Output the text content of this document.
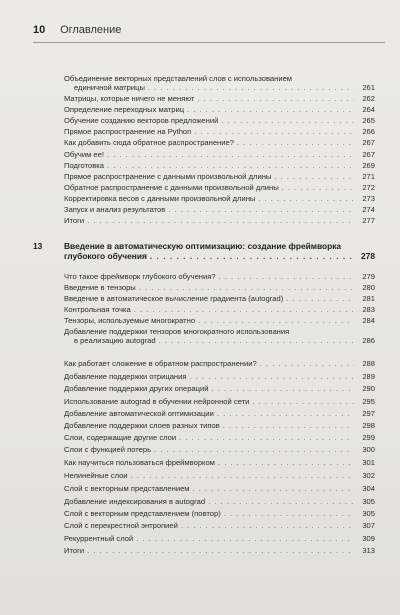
10 Оглавление
Объединение векторных представлений слов с использованием
единичной матрицы . . .	261
Матрицы, которые ничего не меняют . . .	262
Определение переходных матриц . . .	264
Обучение созданию векторов предложений . . .	265
Прямое распространение на Python . . .	266
Как добавить сюда обратное распространение? . . .	267
Обучим ее! . . .	267
Подготовка . . .	269
Прямое распространение с данными произвольной длины . . .	271
Обратное распространение с данными произвольной длины . . .	272
Корректировка весов с данными произвольной длины . . .	273
Запуск и анализ результатов . . .	274
Итоги . . .	277
13	Введение в автоматическую оптимизацию: создание фреймворка
глубокого обучения . . .	278
Что такое фреймворк глубокого обучения? . . .	279
Введение в тензоры . . .	280
Введение в автоматическое вычисление градиента (autograd) . . .	281
Контрольная точка . . .	283
Тензоры, используемые многократно . . .	284
Добавление поддержки тензоров многократного использования
в реализацию autograd . . .	286
Как работает сложение в обратном распространении? . . .	288
Добавление поддержки отрицания . . .	289
Добавление поддержки других операций . . .	290
Использование autograd в обучении нейронной сети . . .	295
Добавление автоматической оптимизации . . .	297
Добавление поддержки слоев разных типов . . .	298
Слои, содержащие другие слои . . .	299
Слои с функцией потерь . . .	300
Как научиться пользоваться фреймворком . . .	301
Нелинейные слои . . .	302
Слой с векторным представлением . . .	304
Добавление индексирования в autograd . . .	305
Слой с векторным представлением (повтор) . . .	305
Слой с перекрестной энтропией . . .	307
Рекуррентный слой . . .	309
Итоги . . .	313
